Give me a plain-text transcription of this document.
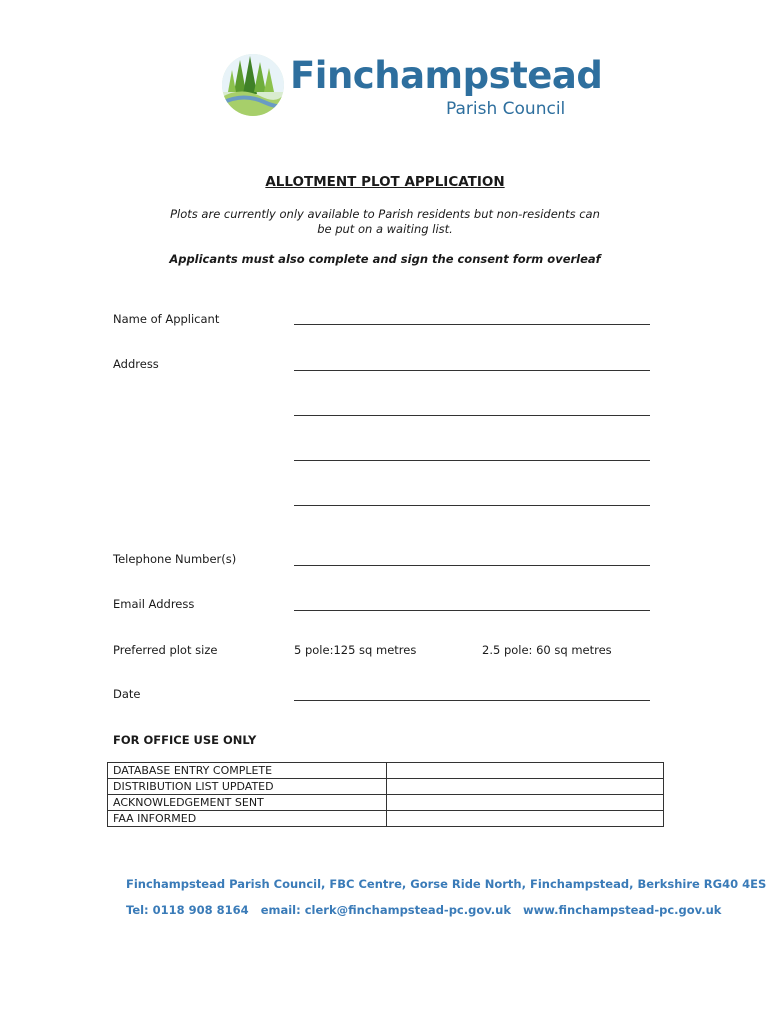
Finchampstead
Parish Council
ALLOTMENT PLOT APPLICATION
Plots are currently only available to Parish residents but non-residents can
be put on a waiting list.
Applicants must also complete and sign the consent form overleaf
Name of Applicant
Address
Telephone Number(s)
Email Address
Preferred plot size	5 pole:125 sq metres	2.5 pole: 60 sq metres
Date
FOR OFFICE USE ONLY
DATABASE ENTRY COMPLETE	
DISTRIBUTION LIST UPDATED	
ACKNOWLEDGEMENT SENT	
FAA INFORMED	
Finchampstead Parish Council, FBC Centre, Gorse Ride North, Finchampstead, Berkshire RG40 4ES
Tel: 0118 908 8164   email: clerk@finchampstead-pc.gov.uk   www.finchampstead-pc.gov.uk
